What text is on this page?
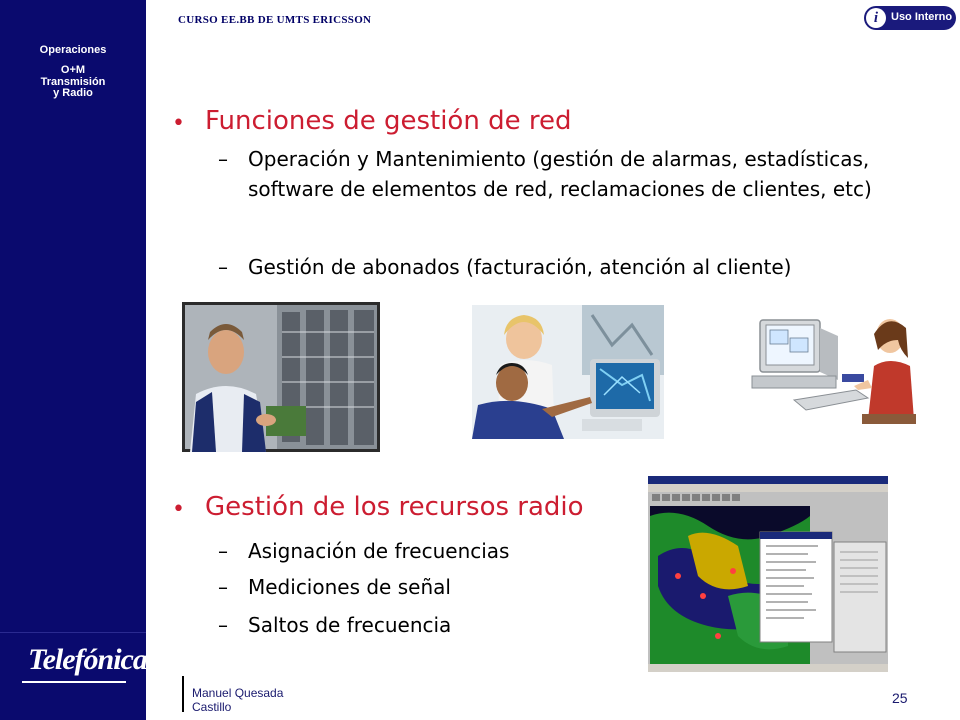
Operaciones
O+M
Transmisión
y Radio
Telefónica
CURSO EE.BB DE UMTS ERICSSON	i	Uso Interno
• Funciones de gestión de red
– Operación y Mantenimiento (gestión de alarmas, estadísticas, software de elementos de red, reclamaciones de clientes, etc)
– Gestión de abonados (facturación, atención al cliente)
• Gestión de los recursos radio
– Asignación de frecuencias
– Mediciones de señal
– Saltos de frecuencia
Manuel Quesada
Castillo
25
